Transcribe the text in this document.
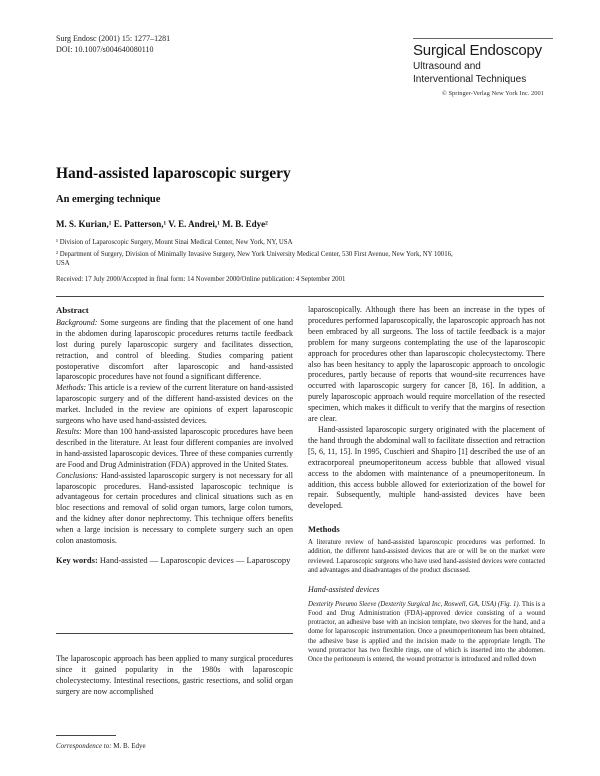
Surg Endosc (2001) 15: 1277–1281
DOI: 10.1007/s004640080110	Surgical Endoscopy
Ultrasound and
Interventional Techniques
© Springer-Verlag New York Inc. 2001
Hand-assisted laparoscopic surgery
An emerging technique
M. S. Kurian,¹ E. Patterson,¹ V. E. Andrei,¹ M. B. Edye²
¹ Division of Laparoscopic Surgery, Mount Sinai Medical Center, New York, NY, USA
² Department of Surgery, Division of Minimally Invasive Surgery, New York University Medical Center, 530 First Avenue, New York, NY 10016,
USA
Received: 17 July 2000/Accepted in final form: 14 November 2000/Online publication: 4 September 2001

Abstract

Background: Some surgeons are finding that the placement of one hand in the abdomen during laparoscopic procedures returns tactile feedback lost during purely laparoscopic surgery and facilitates dissection, retraction, and control of bleeding. Studies comparing patient postoperative discomfort after laparoscopic and hand-assisted laparoscopic procedures have not found a significant difference.

Methods: This article is a review of the current literature on hand-assisted laparoscopic surgery and of the different hand-assisted devices on the market. Included in the review are opinions of expert laparoscopic surgeons who have used hand-assisted devices.

Results: More than 100 hand-assisted laparoscopic procedures have been described in the literature. At least four different companies are involved in hand-assisted laparoscopic devices. Three of these companies currently are Food and Drug Administration (FDA) approved in the United States.

Conclusions: Hand-assisted laparoscopic surgery is not necessary for all laparoscopic procedures. Hand-assisted laparoscopic technique is advantageous for certain procedures and clinical situations such as en bloc resections and removal of solid organ tumors, large colon tumors, and the kidney after donor nephrectomy. This technique offers benefits when a large incision is necessary to complete surgery such an open colon anastomosis.

Key words: Hand-assisted — Laparoscopic devices — Laparoscopy

The laparoscopic approach has been applied to many surgical procedures since it gained popularity in the 1980s with laparoscopic cholecystectomy. Intestinal resections, gastric resections, and solid organ surgery are now accomplished

Correspondence to: M. B. Edye

laparoscopically. Although there has been an increase in the types of procedures performed laparoscopically, the laparoscopic approach has not been embraced by all surgeons. The loss of tactile feedback is a major problem for many surgeons contemplating the use of the laparoscopic approach for procedures other than laparoscopic cholecystectomy. There also has been hesitancy to apply the laparoscopic approach to oncologic procedures, partly because of reports that wound-site recurrences have occurred with laparoscopic surgery for cancer [8, 16]. In addition, a purely laparoscopic approach would require morcellation of the resected specimen, which makes it difficult to verify that the margins of resection are clear.

Hand-assisted laparoscopic surgery originated with the placement of the hand through the abdominal wall to facilitate dissection and retraction [5, 6, 11, 15]. In 1995, Cuschieri and Shapiro [1] described the use of an extracorporeal pneumoperitoneum access bubble that allowed visual access to the abdomen with maintenance of a pneumoperitoneum. In addition, this access bubble allowed for exteriorization of the bowel for repair. Subsequently, multiple hand-assisted devices have been developed.

Methods

A literature review of hand-assisted laparoscopic procedures was performed. In addition, the different hand-assisted devices that are or will be on the market were reviewed. Laparoscopic surgeons who have used hand-assisted devices were contacted and advantages and disadvantages of the product discussed.

Hand-assisted devices

Dexterity Pneumo Sleeve (Dexterity Surgical Inc, Roswell, GA, USA) (Fig. 1). This is a Food and Drug Administration (FDA)-approved device consisting of a wound protractor, an adhesive base with an incision template, two sleeves for the hand, and a dome for laparoscopic instrumentation. Once a pneumoperitoneum has been obtained, the adhesive base is applied and the incision made to the appropriate length. The wound protractor has two flexible rings, one of which is inserted into the abdomen. Once the peritoneum is entered, the wound protractor is introduced and rolled down
